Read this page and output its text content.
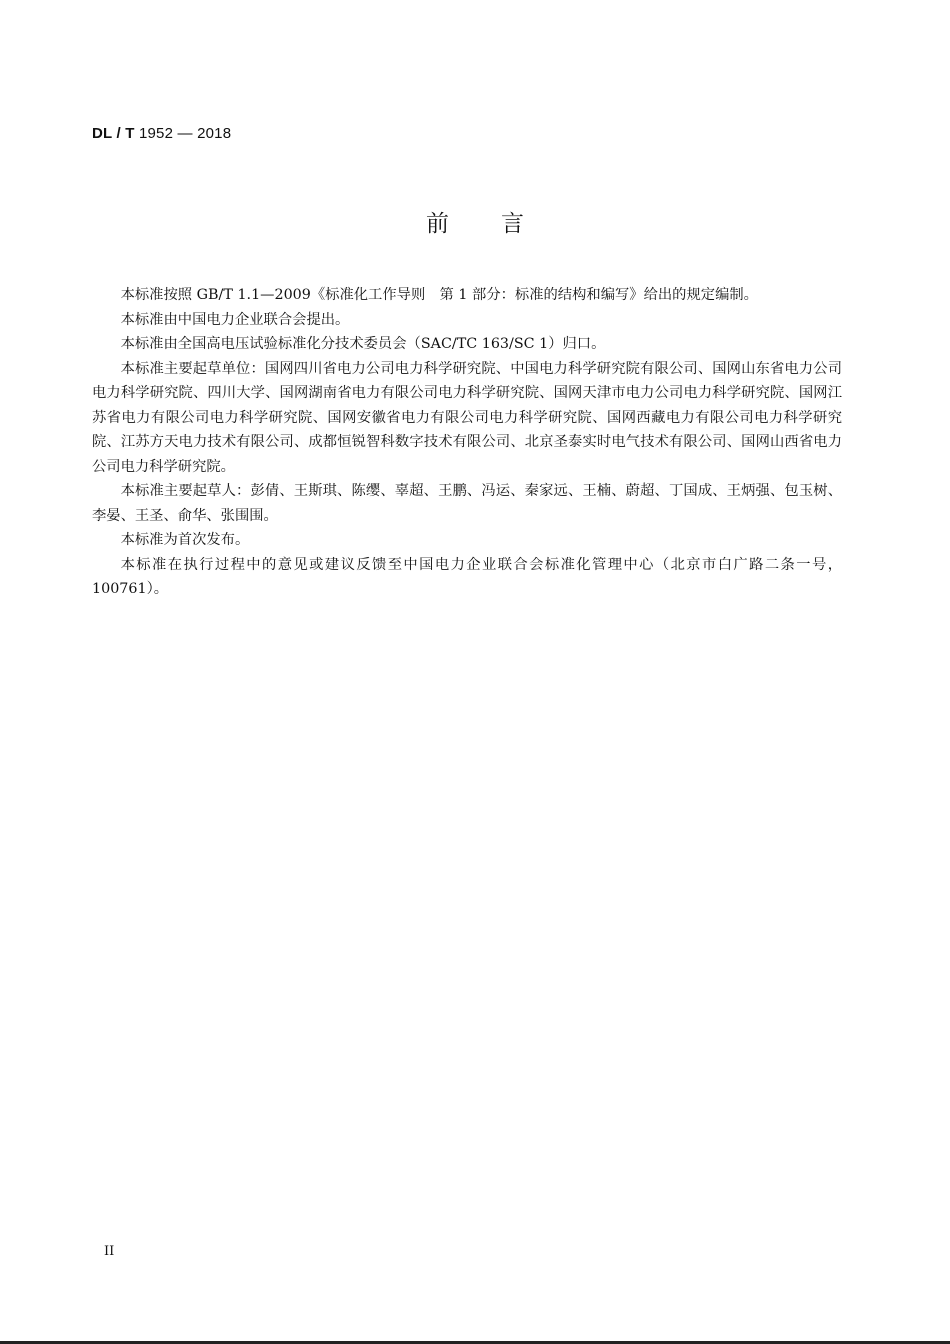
DL / T 1952 — 2018
前言

本标准按照 GB/T 1.1—2009《标准化工作导则　第 1 部分：标准的结构和编写》给出的规定编制。

本标准由中国电力企业联合会提出。

本标准由全国高电压试验标准化分技术委员会（SAC/TC 163/SC 1）归口。

本标准主要起草单位：国网四川省电力公司电力科学研究院、中国电力科学研究院有限公司、国网山东省电力公司电力科学研究院、四川大学、国网湖南省电力有限公司电力科学研究院、国网天津市电力公司电力科学研究院、国网江苏省电力有限公司电力科学研究院、国网安徽省电力有限公司电力科学研究院、国网西藏电力有限公司电力科学研究院、江苏方天电力技术有限公司、成都恒锐智科数字技术有限公司、北京圣泰实时电气技术有限公司、国网山西省电力公司电力科学研究院。

本标准主要起草人：彭倩、王斯琪、陈缨、辜超、王鹏、冯运、秦家远、王楠、蔚超、丁国成、王炳强、包玉树、李晏、王圣、俞华、张围围。

本标准为首次发布。

本标准在执行过程中的意见或建议反馈至中国电力企业联合会标准化管理中心（北京市白广路二条一号，100761）。

II
